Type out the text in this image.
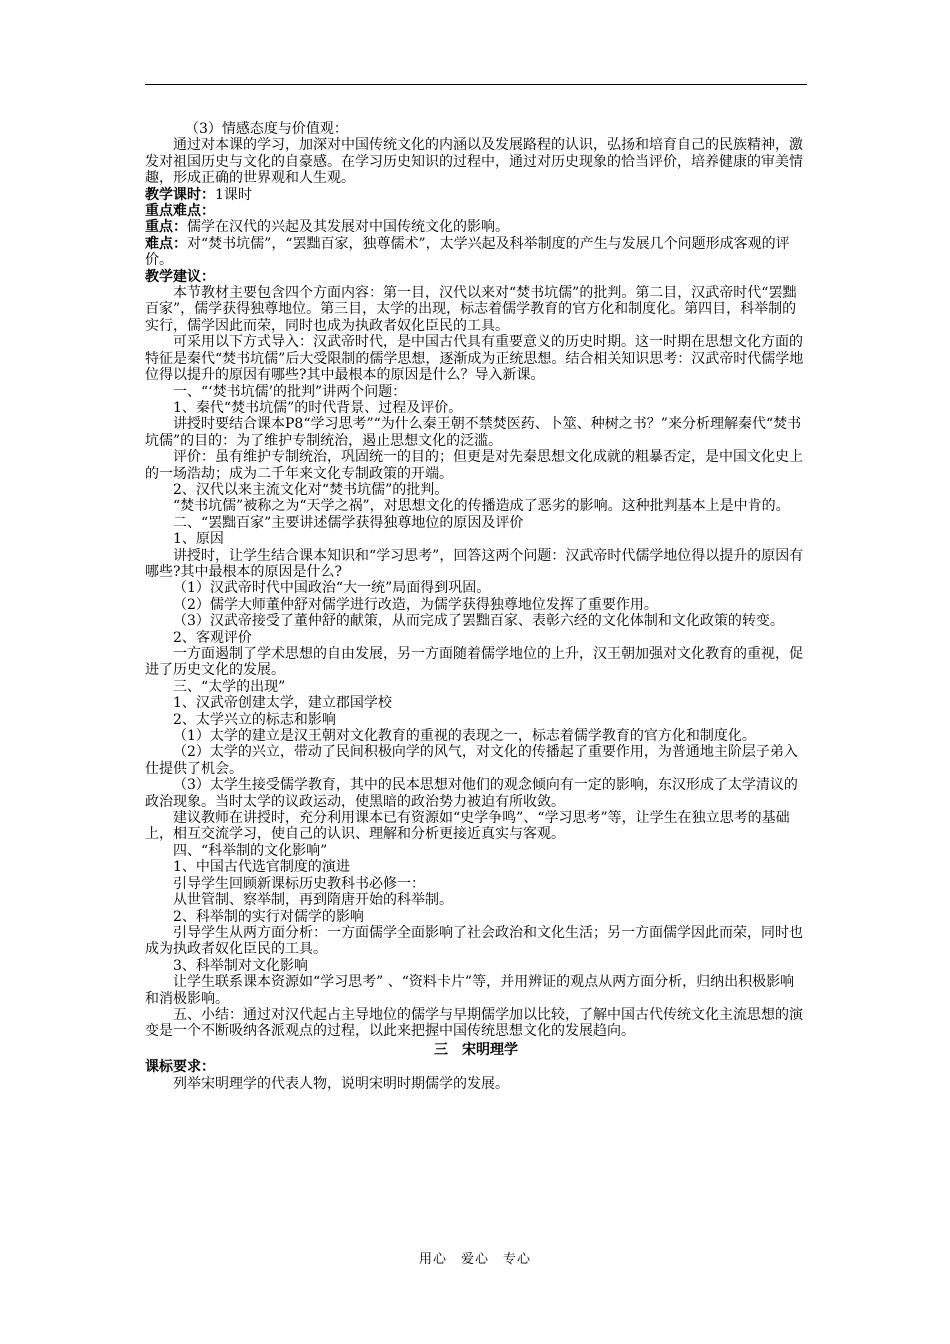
（3）情感态度与价值观：

通过对本课的学习，加深对中国传统文化的内涵以及发展路程的认识，弘扬和培育自己的民族精神，激发对祖国历史与文化的自豪感。在学习历史知识的过程中，通过对历史现象的恰当评价，培养健康的审美情趣，形成正确的世界观和人生观。

教学课时：1课时

重点难点：

重点：儒学在汉代的兴起及其发展对中国传统文化的影响。

难点：对“焚书坑儒”，“罢黜百家，独尊儒术”，太学兴起及科举制度的产生与发展几个问题形成客观的评价。

教学建议：

本节教材主要包含四个方面内容：第一目，汉代以来对“焚书坑儒”的批判。第二目，汉武帝时代“罢黜百家”，儒学获得独尊地位。第三目，太学的出现，标志着儒学教育的官方化和制度化。第四目，科举制的实行，儒学因此而荣，同时也成为执政者奴化臣民的工具。

可采用以下方式导入：汉武帝时代，是中国古代具有重要意义的历史时期。这一时期在思想文化方面的特征是秦代“焚书坑儒”后大受限制的儒学思想，逐渐成为正统思想。结合相关知识思考：汉武帝时代儒学地位得以提升的原因有哪些?其中最根本的原因是什么？导入新课。

一、“‘焚书坑儒’的批判”讲两个问题：

1、秦代“焚书坑儒”的时代背景、过程及评价。

讲授时要结合课本P8“学习思考”“为什么秦王朝不禁焚医药、卜筮、种树之书？”来分析理解秦代“焚书坑儒”的目的：为了维护专制统治，遏止思想文化的泛滥。

评价：虽有维护专制统治，巩固统一的目的；但更是对先秦思想文化成就的粗暴否定，是中国文化史上的一场浩劫；成为二千年来文化专制政策的开端。

2、汉代以来主流文化对“焚书坑儒”的批判。

“焚书坑儒”被称之为“天学之祸”，对思想文化的传播造成了恶劣的影响。这种批判基本上是中肯的。

二、“罢黜百家”主要讲述儒学获得独尊地位的原因及评价

1、原因

讲授时，让学生结合课本知识和“学习思考”，回答这两个问题：汉武帝时代儒学地位得以提升的原因有哪些?其中最根本的原因是什么?

（1）汉武帝时代中国政治“大一统”局面得到巩固。

（2）儒学大师董仲舒对儒学进行改造，为儒学获得独尊地位发挥了重要作用。

（3）汉武帝接受了董仲舒的献策，从而完成了罢黜百家、表彰六经的文化体制和文化政策的转变。

2、客观评价

一方面遏制了学术思想的自由发展，另一方面随着儒学地位的上升，汉王朝加强对文化教育的重视，促进了历史文化的发展。

三、“太学的出现”

1、汉武帝创建太学，建立郡国学校

2、太学兴立的标志和影响

（1）太学的建立是汉王朝对文化教育的重视的表现之一，标志着儒学教育的官方化和制度化。

（2）太学的兴立，带动了民间积极向学的风气，对文化的传播起了重要作用，为普通地主阶层子弟入仕提供了机会。

（3）太学生接受儒学教育，其中的民本思想对他们的观念倾向有一定的影响，东汉形成了太学清议的政治现象。当时太学的议政运动，使黑暗的政治势力被迫有所收敛。

建议教师在讲授时，充分利用课本已有资源如“史学争鸣”、“学习思考”等，让学生在独立思考的基础上，相互交流学习，使自己的认识、理解和分析更接近真实与客观。

四、“科举制的文化影响”

1、中国古代选官制度的演进

引导学生回顾新课标历史教科书必修一：

从世管制、察举制，再到隋唐开始的科举制。

2、科举制的实行对儒学的影响

引导学生从两方面分析：一方面儒学全面影响了社会政治和文化生活；另一方面儒学因此而荣，同时也成为执政者奴化臣民的工具。

3、科举制对文化影响

让学生联系课本资源如“学习思考” 、“资料卡片”等，并用辨证的观点从两方面分析，归纳出积极影响和消极影响。

五、小结：通过对汉代起占主导地位的儒学与早期儒学加以比较，了解中国古代传统文化主流思想的演变是一个不断吸纳各派观点的过程，以此来把握中国传统思想文化的发展趋向。

三　宋明理学

课标要求：

列举宋明理学的代表人物，说明宋明时期儒学的发展。

用心　爱心　专心
